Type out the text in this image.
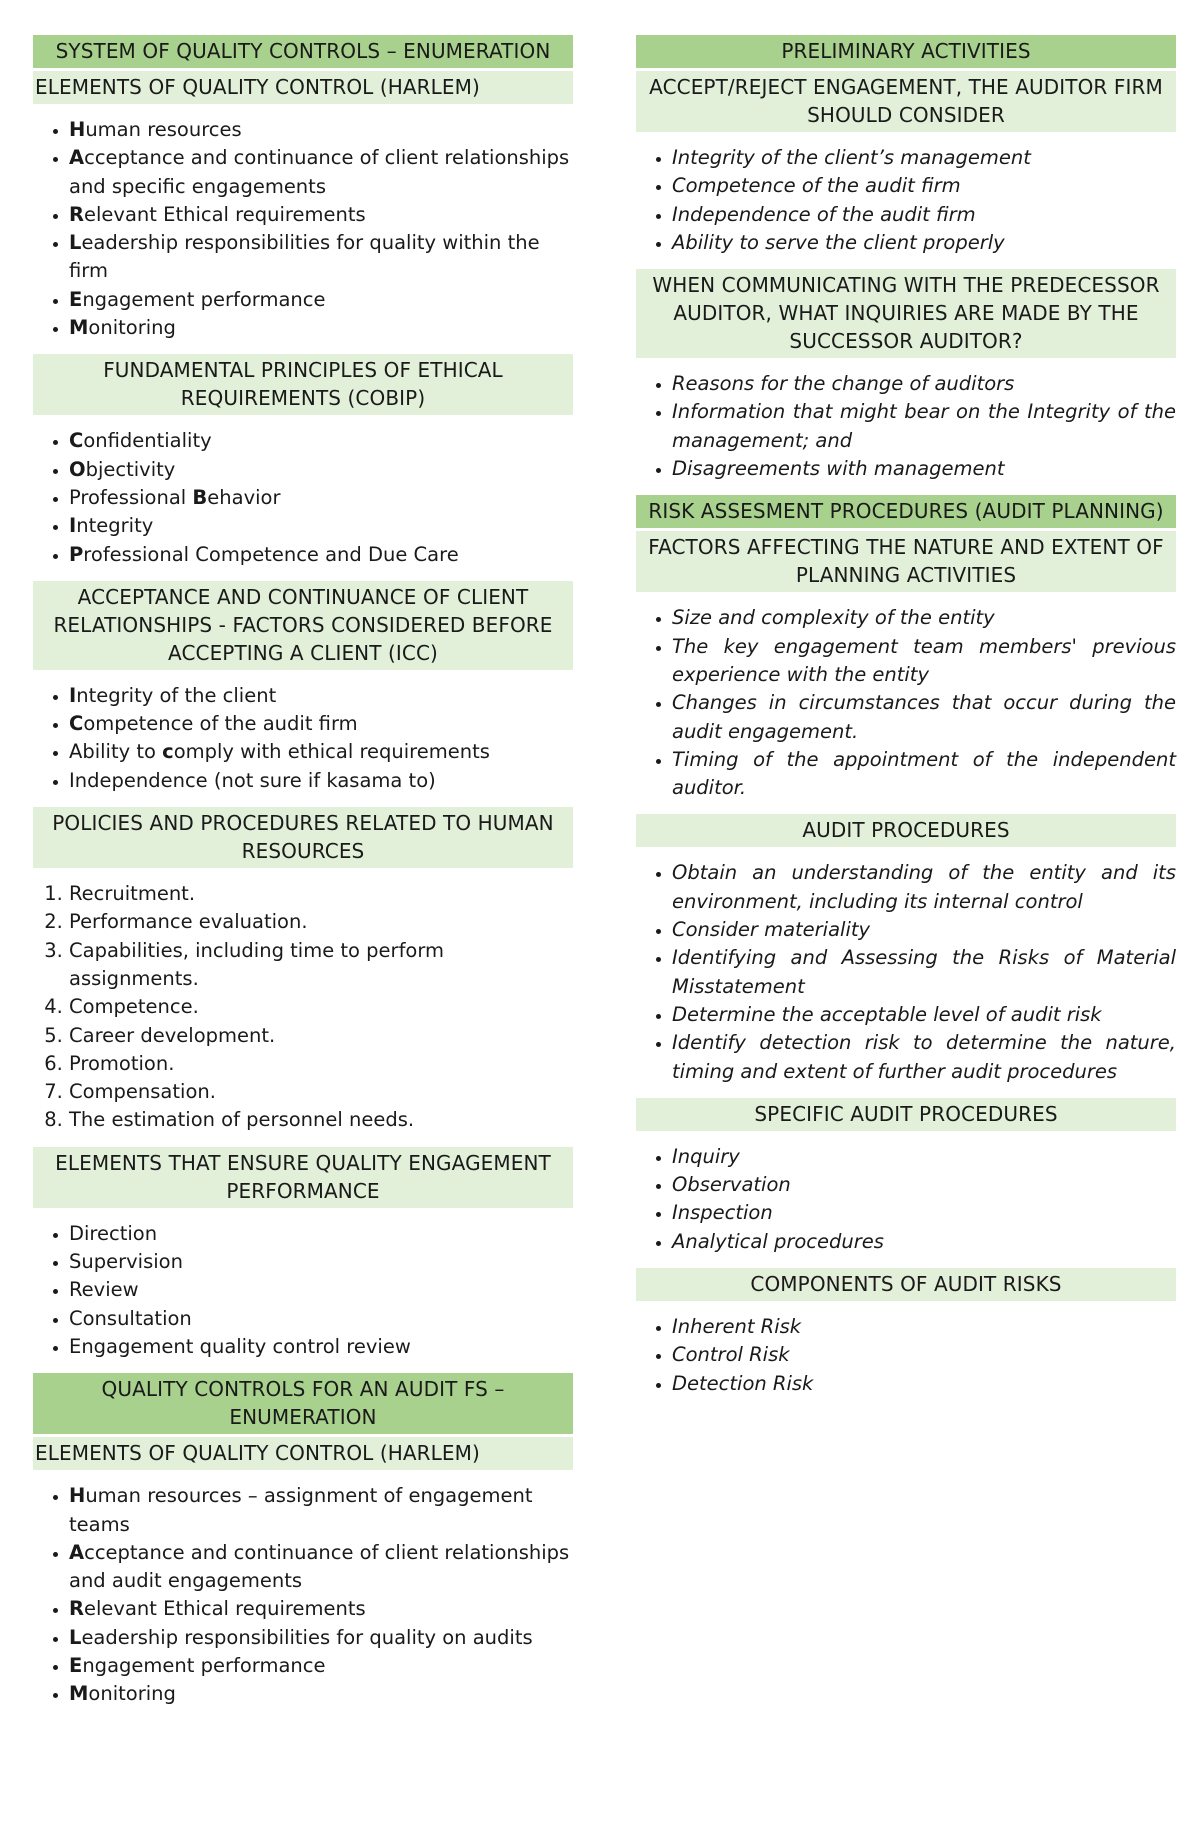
SYSTEM OF QUALITY CONTROLS – ENUMERATION
ELEMENTS OF QUALITY CONTROL (HARLEM)
• Human resources
• Acceptance and continuance of client relationships and specific engagements
• Relevant Ethical requirements
• Leadership responsibilities for quality within the firm
• Engagement performance
• Monitoring
FUNDAMENTAL PRINCIPLES OF ETHICAL REQUIREMENTS (COBIP)
• Confidentiality
• Objectivity
• Professional Behavior
• Integrity
• Professional Competence and Due Care
ACCEPTANCE AND CONTINUANCE OF CLIENT RELATIONSHIPS - FACTORS CONSIDERED BEFORE ACCEPTING A CLIENT (ICC)
• Integrity of the client
• Competence of the audit firm
• Ability to comply with ethical requirements
• Independence (not sure if kasama to)
POLICIES AND PROCEDURES RELATED TO HUMAN RESOURCES
1. Recruitment.
2. Performance evaluation.
3. Capabilities, including time to perform assignments.
4. Competence.
5. Career development.
6. Promotion.
7. Compensation.
8. The estimation of personnel needs.
ELEMENTS THAT ENSURE QUALITY ENGAGEMENT PERFORMANCE
• Direction
• Supervision
• Review
• Consultation
• Engagement quality control review
QUALITY CONTROLS FOR AN AUDIT FS – ENUMERATION
ELEMENTS OF QUALITY CONTROL (HARLEM)
• Human resources – assignment of engagement teams
• Acceptance and continuance of client relationships and audit engagements
• Relevant Ethical requirements
• Leadership responsibilities for quality on audits
• Engagement performance
• Monitoring
PRELIMINARY ACTIVITIES
ACCEPT/REJECT ENGAGEMENT, THE AUDITOR FIRM SHOULD CONSIDER
• Integrity of the client’s management
• Competence of the audit firm
• Independence of the audit firm
• Ability to serve the client properly
WHEN COMMUNICATING WITH THE PREDECESSOR AUDITOR, WHAT INQUIRIES ARE MADE BY THE SUCCESSOR AUDITOR?
• Reasons for the change of auditors
• Information that might bear on the Integrity of the management; and
• Disagreements with management
RISK ASSESMENT PROCEDURES (AUDIT PLANNING)
FACTORS AFFECTING THE NATURE AND EXTENT OF PLANNING ACTIVITIES
• Size and complexity of the entity
• The key engagement team members' previous experience with the entity
• Changes in circumstances that occur during the audit engagement.
• Timing of the appointment of the independent auditor.
AUDIT PROCEDURES
• Obtain an understanding of the entity and its environment, including its internal control
• Consider materiality
• Identifying and Assessing the Risks of Material Misstatement
• Determine the acceptable level of audit risk
• Identify detection risk to determine the nature, timing and extent of further audit procedures
SPECIFIC AUDIT PROCEDURES
• Inquiry
• Observation
• Inspection
• Analytical procedures
COMPONENTS OF AUDIT RISKS
• Inherent Risk
• Control Risk
• Detection Risk
